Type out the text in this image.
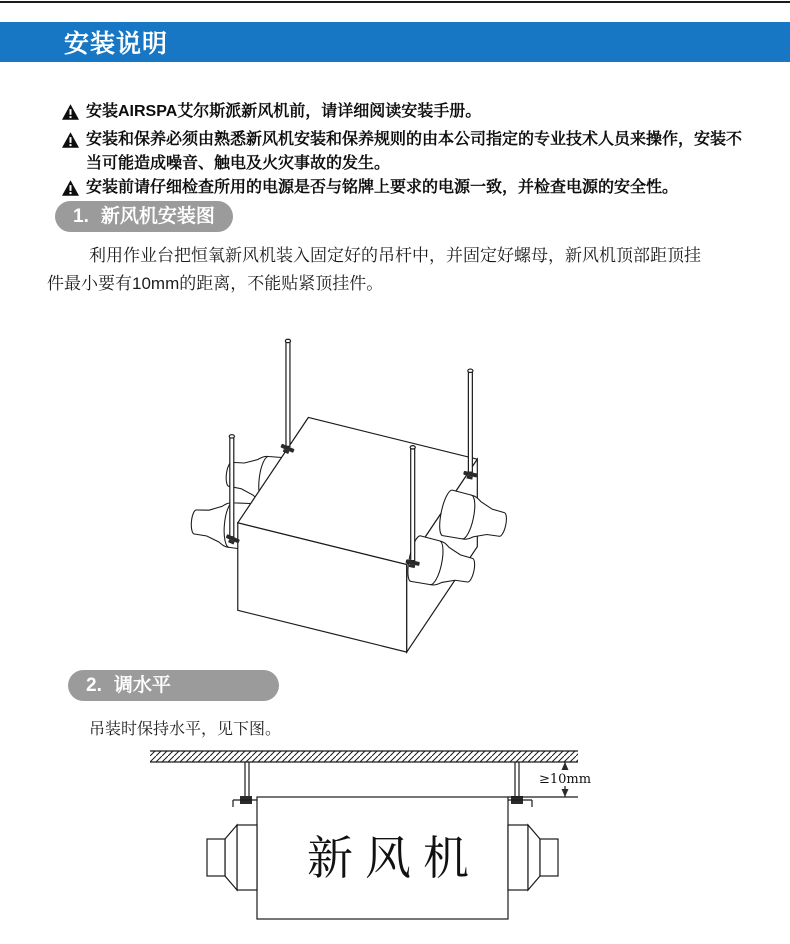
安装说明
安装AIRSPA艾尔斯派新风机前，请详细阅读安装手册。
安装和保养必须由熟悉新风机安装和保养规则的由本公司指定的专业技术人员来操作，安装不当可能造成噪音、触电及火灾事故的发生。
安装前请仔细检查所用的电源是否与铭牌上要求的电源一致，并检查电源的安全性。
1. 新风机安装图

利用作业台把恒氧新风机装入固定好的吊杆中，并固定好螺母，新风机顶部距顶挂件最小要有10mm的距离，不能贴紧顶挂件。

2. 调水平

吊装时保持水平，见下图。

新风机
≥10mm
